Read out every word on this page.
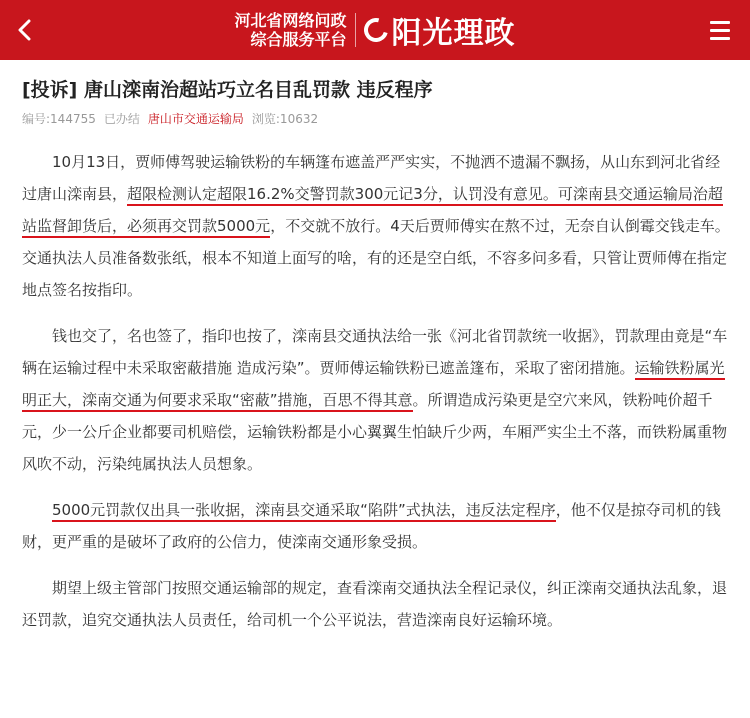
河北省网络问政
综合服务平台 阳光理政
[投诉] 唐山滦南治超站巧立名目乱罚款 违反程序
编号:144755 已办结 唐山市交通运输局 浏览:10632

10月13日，贾师傅驾驶运输铁粉的车辆篷布遮盖严严实实，不抛洒不遗漏不飘扬，从山东到河北省经过唐山滦南县，超限检测认定超限16.2%交警罚款300元记3分，认罚没有意见。可滦南县交通运输局治超站监督卸货后，必须再交罚款5000元，不交就不放行。4天后贾师傅实在熬不过，无奈自认倒霉交钱走车。交通执法人员准备数张纸，根本不知道上面写的啥，有的还是空白纸，不容多问多看，只管让贾师傅在指定地点签名按指印。

钱也交了，名也签了，指印也按了，滦南县交通执法给一张《河北省罚款统一收据》，罚款理由竟是“车辆在运输过程中未采取密蔽措施 造成污染”。贾师傅运输铁粉已遮盖篷布，采取了密闭措施。运输铁粉属光明正大，滦南交通为何要求采取“密蔽”措施，百思不得其意。所谓造成污染更是空穴来风，铁粉吨价超千元，少一公斤企业都要司机赔偿，运输铁粉都是小心翼翼生怕缺斤少两，车厢严实尘土不落，而铁粉属重物风吹不动，污染纯属执法人员想象。

5000元罚款仅出具一张收据，滦南县交通采取“陷阱”式执法，违反法定程序，他不仅是掠夺司机的钱财，更严重的是破坏了政府的公信力，使滦南交通形象受损。

期望上级主管部门按照交通运输部的规定，查看滦南交通执法全程记录仪，纠正滦南交通执法乱象，退还罚款，追究交通执法人员责任，给司机一个公平说法，营造滦南良好运输环境。
